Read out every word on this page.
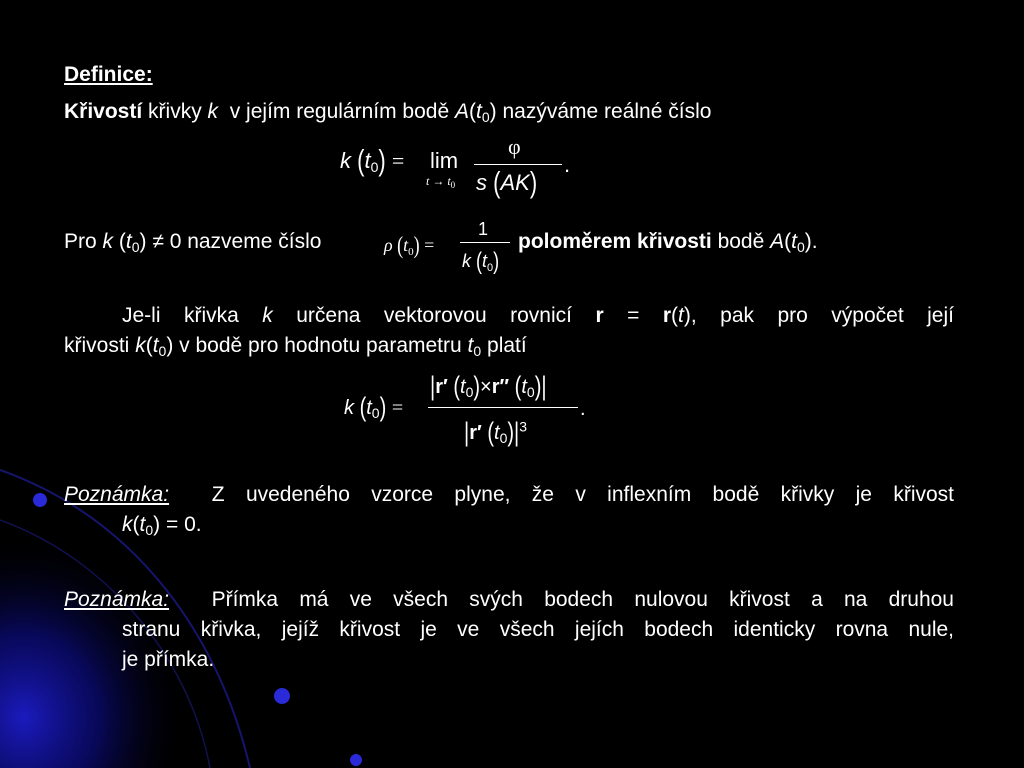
Definice:
Křivostí křivky k v jejím regulárním bodě $A(t_0)$ nazýváme reálné číslo
k $(t_0) = \lim$
$t \to t_0$
φ
s (AK)
.
Pro k $(t_0) \ne 0$ nazveme číslo	ρ $(t_0)$ =
1
k $(t_0)$
poloměrem křivosti bodě $A(t_0)$.
Je-li křivka k určena vektorovou rovnicí r = r(t), pak pro výpočet její
křivosti $k(t_0)$ v bodě pro hodnotu parametru $t_0$ platí
k $(t_0)$ =
|r′ $(t_0)\times r''$ $(t_0)|$
|r′ $(t_0)|^3$
.
Poznámka: Z uvedeného vzorce plyne, že v inflexním bodě křivky je křivost
$k(t_0) = 0$.
Poznámka: Přímka má ve všech svých bodech nulovou křivost a na druhou
stranu křivka, jejíž křivost je ve všech jejích bodech identicky rovna nule,
je přímka.
